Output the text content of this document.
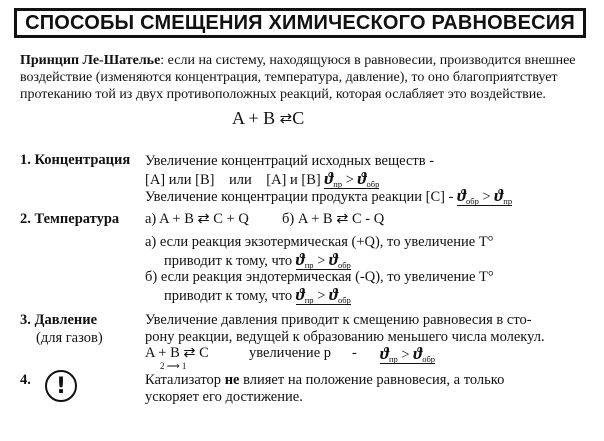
СПОСОБЫ СМЕЩЕНИЯ ХИМИЧЕСКОГО РАВНОВЕСИЯ
Принцип Ле-Шателье: если на систему, находящуюся в равновесии, производится внешнее воздействие (изменяются концентрация, температура, давление), то оно благоприятствует протеканию той из двух противоположных реакций, которая ослабляет это воздействие.
A + B ⇄C
1. Концентрация Увеличение концентраций исходных веществ -
[A] или [B] или [A] и [B] $ϑ_{пр} > ϑ_{обр}$
Увеличение концентрации продукта реакции $[C] - ϑ_{обр} > ϑ_{пр}$
2. Температура a) A + B ⇄ C + Q б) A + B ⇄ C - Q
a) если реакция экзотермическая (+Q), то увеличение T°
приводит к тому, что $ϑ_{пр} > ϑ_{обр}$
б) если реакция эндотермическая (-Q), то увеличение T°
приводит к тому, что $ϑ_{пр} > ϑ_{обр}$
3. Давление
(для газов)
Увеличение давления приводит к смещению равновесия в сто-
рону реакции, ведущей к образованию меньшего числа молекул.
A + B ⇄ C
2 ⟶ 1
увеличение $p - ϑ_{пр} > ϑ_{обр}$
4.	!	Катализатор не влияет на положение равновесия, а только
ускоряет его достижение.
